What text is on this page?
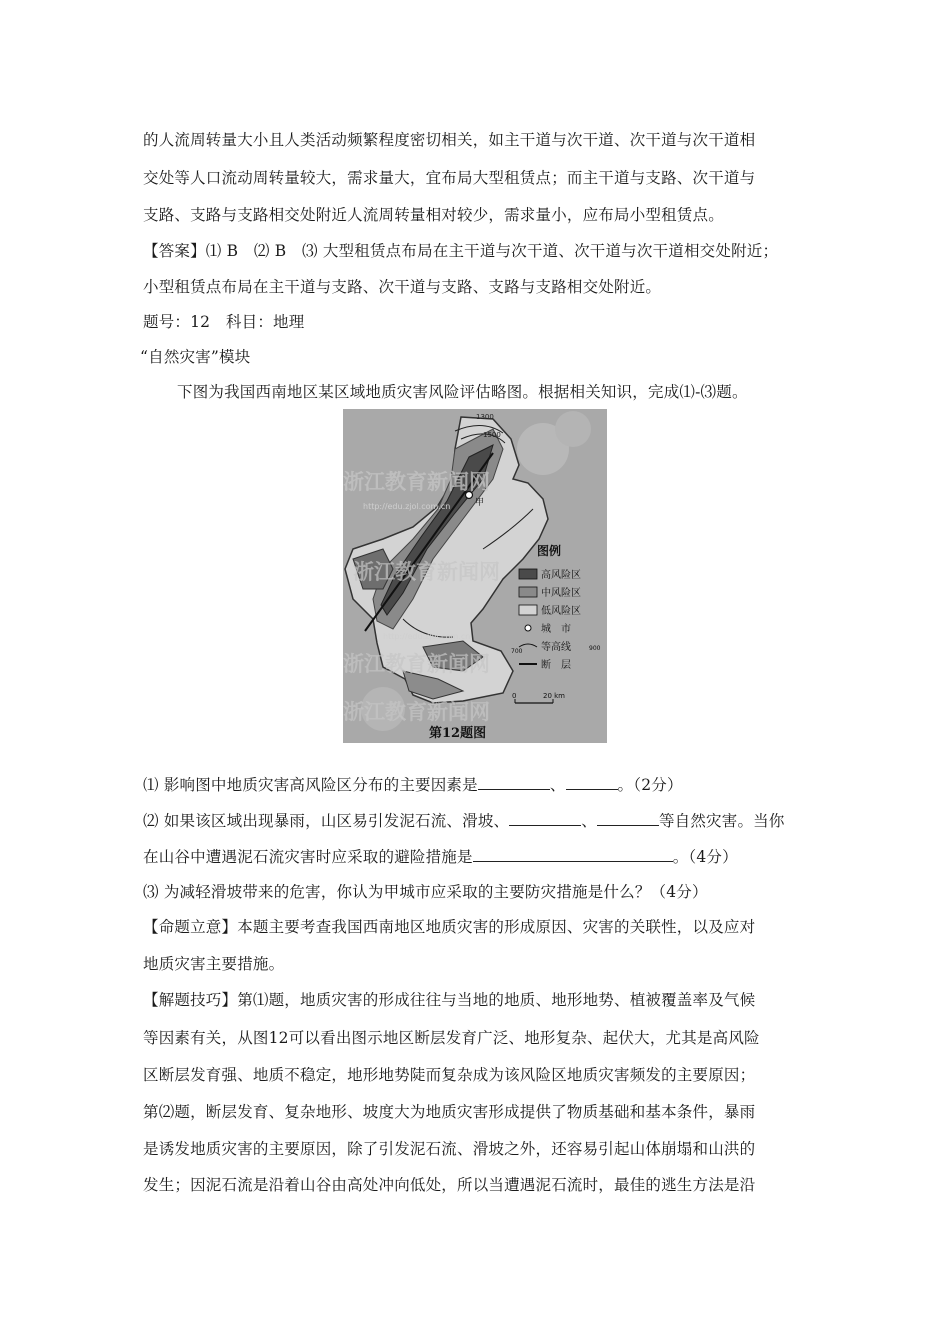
的人流周转量大小且人类活动频繁程度密切相关，如主干道与次干道、次干道与次干道相
交处等人口流动周转量较大，需求量大，宜布局大型租赁点；而主干道与支路、次干道与
支路、支路与支路相交处附近人流周转量相对较少，需求量小，应布局小型租赁点。
【答案】⑴ B　⑵ B　⑶ 大型租赁点布局在主干道与次干道、次干道与次干道相交处附近；
小型租赁点布局在主干道与支路、次干道与支路、支路与支路相交处附近。
题号：12　科目：地理
“自然灾害”模块
下图为我国西南地区某区域地质灾害风险评估略图。根据相关知识，完成⑴-⑶题。
甲
1300
1500
图例
高风险区
中风险区
低风险区
城　市
700 等高线	900
断　层
0	20 km
浙江教育新闻网
浙江教育新闻网
浙江教育新闻网
浙江教育新闻网
http://edu.zjol.com.cn
http://edu.zjol.com.cn
第12题图
⑴ 影响图中地质灾害高风险区分布的主要因素是	、	。（2分）
⑵ 如果该区域出现暴雨，山区易引发泥石流、滑坡、	、	等自然灾害。当你
在山谷中遭遇泥石流灾害时应采取的避险措施是	。（4分）
⑶ 为减轻滑坡带来的危害，你认为甲城市应采取的主要防灾措施是什么？（4分）
【命题立意】本题主要考查我国西南地区地质灾害的形成原因、灾害的关联性，以及应对
地质灾害主要措施。
【解题技巧】第⑴题，地质灾害的形成往往与当地的地质、地形地势、植被覆盖率及气候
等因素有关，从图12可以看出图示地区断层发育广泛、地形复杂、起伏大，尤其是高风险
区断层发育强、地质不稳定，地形地势陡而复杂成为该风险区地质灾害频发的主要原因；
第⑵题，断层发育、复杂地形、坡度大为地质灾害形成提供了物质基础和基本条件，暴雨
是诱发地质灾害的主要原因，除了引发泥石流、滑坡之外，还容易引起山体崩塌和山洪的
发生；因泥石流是沿着山谷由高处冲向低处，所以当遭遇泥石流时，最佳的逃生方法是沿
